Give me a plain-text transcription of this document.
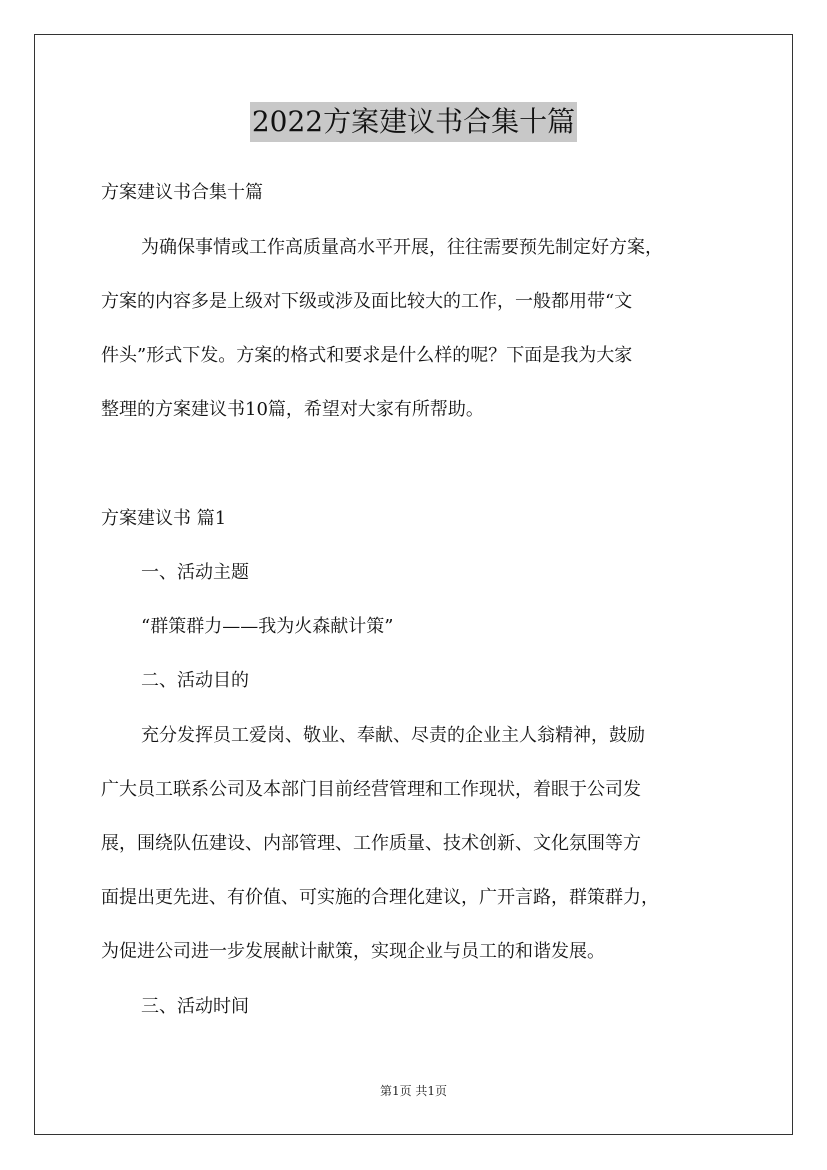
2022方案建议书合集十篇
方案建议书合集十篇
为确保事情或工作高质量高水平开展，往往需要预先制定好方案，
方案的内容多是上级对下级或涉及面比较大的工作，一般都用带“文
件头”形式下发。方案的格式和要求是什么样的呢？下面是我为大家
整理的方案建议书10篇，希望对大家有所帮助。
方案建议书 篇1
一、活动主题
“群策群力——我为火森献计策”
二、活动目的
充分发挥员工爱岗、敬业、奉献、尽责的企业主人翁精神，鼓励
广大员工联系公司及本部门目前经营管理和工作现状，着眼于公司发
展，围绕队伍建设、内部管理、工作质量、技术创新、文化氛围等方
面提出更先进、有价值、可实施的合理化建议，广开言路，群策群力，
为促进公司进一步发展献计献策，实现企业与员工的和谐发展。
三、活动时间
第1页 共1页
